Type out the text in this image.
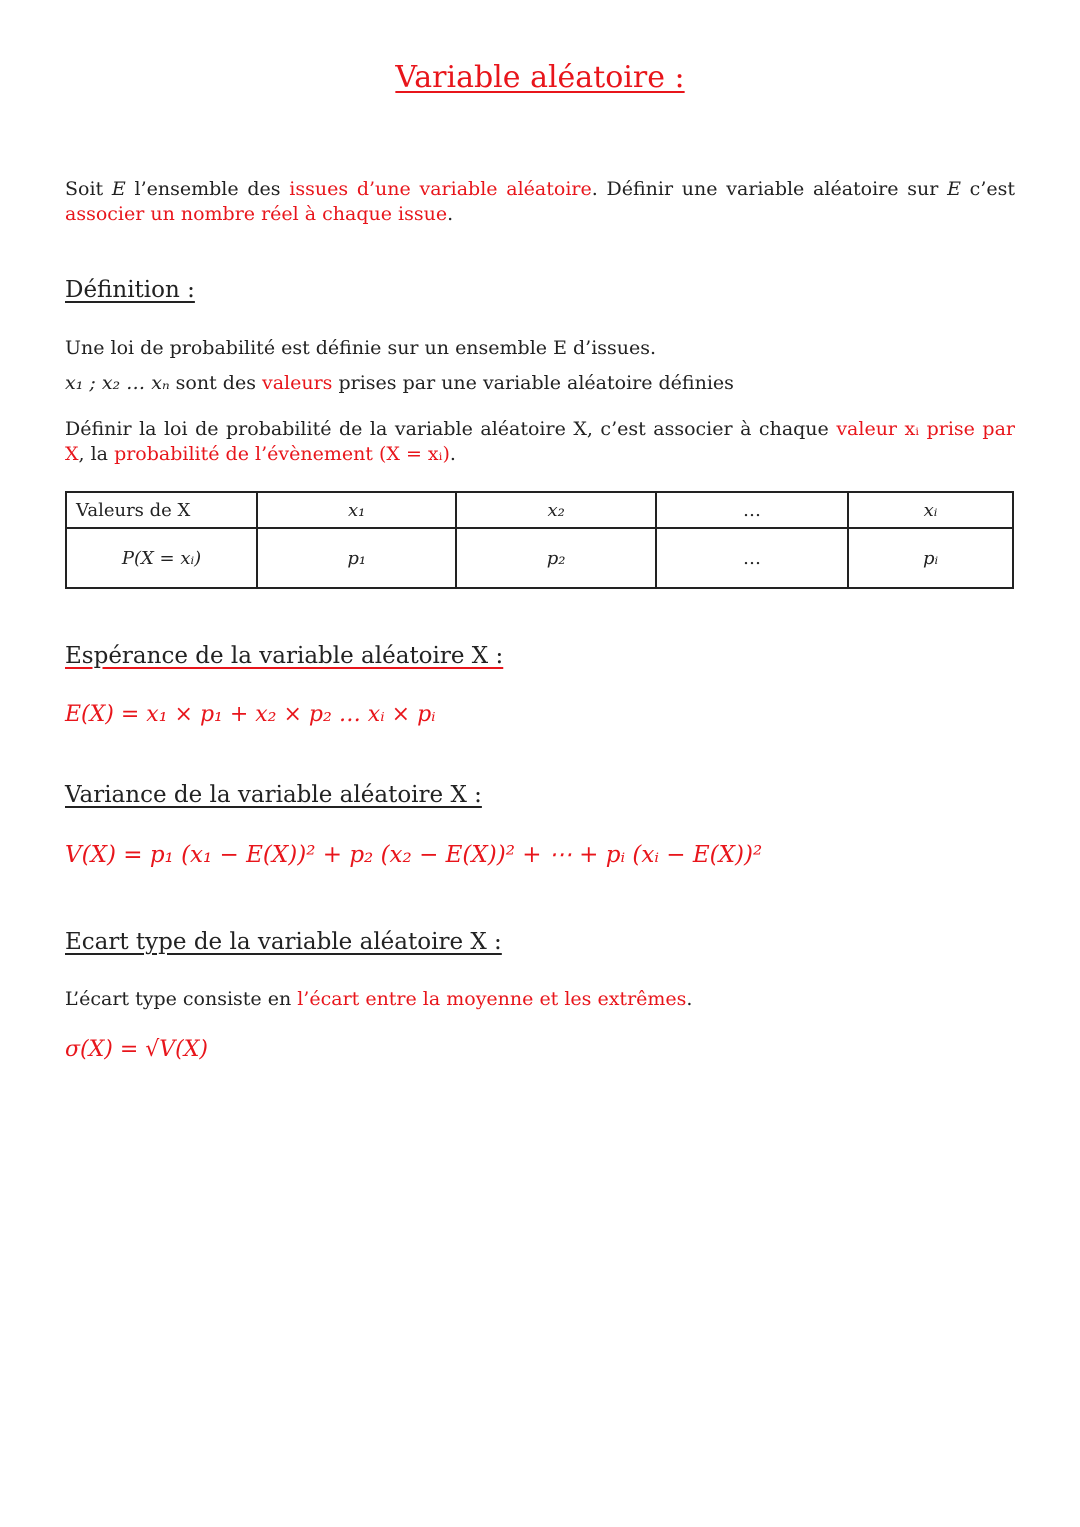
Variable aléatoire :
Soit E l’ensemble des issues d’une variable aléatoire. Définir une variable aléatoire sur E c’est associer un nombre réel à chaque issue.
Définition :
Une loi de probabilité est définie sur un ensemble E d’issues.
x₁ ; x₂ … xₙ sont des valeurs prises par une variable aléatoire définies
Définir la loi de probabilité de la variable aléatoire X, c’est associer à chaque valeur xᵢ prise par X, la probabilité de l’évènement (X = xᵢ).
Valeurs de X	x₁	x₂	…	xᵢ
P(X = xᵢ)	p₁	p₂	…	pᵢ
Espérance de la variable aléatoire X :
E(X) = x₁ × p₁ + x₂ × p₂ … xᵢ × pᵢ
Variance de la variable aléatoire X :
V(X) = p₁ (x₁ − E(X))² + p₂ (x₂ − E(X))² + ⋯ + pᵢ (xᵢ − E(X))²
Ecart type de la variable aléatoire X :
L’écart type consiste en l’écart entre la moyenne et les extrêmes.
σ(X) = √V(X)
